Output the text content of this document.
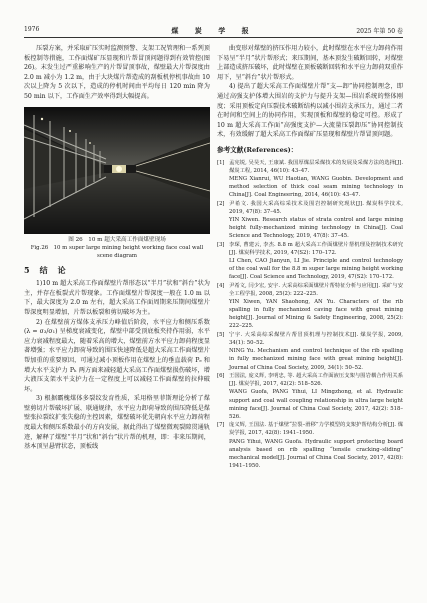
1976	煤 炭 学 报	2025 年第 50 卷

压裂方案，并采取矿压实时监测预警、支架工况管理和一系列顶板控制等措施，工作面煤矿压显现和片帮冒顶问题得到有效管控(图 26)。末发生过严重影响生产的片帮冒顶事故，煤壁最大片帮深度由 2.0 m 减小为 1.2 m，由于大块煤片帮造成的刮板机停机事故由 10 次以上降为 5 次以下，造成的停机时间由平均每日 120 min 降为 50 min 以下，工作面生产效率得到大幅提高。

图 26　10 m 超大采高工作面煤壁现场
Fig.26　10 m super large mining height working face coal wall scene diagram

5　结　论

1)10 m 超大采高工作面煤壁片帮形态以“半月”状和“斜台”状为主，并存在板裂式片帮现象。工作面煤壁片帮深度一般在 1.0 m 以下，最大深度为 2.0 m 左右，超大采高工作面周期来压期间煤壁片帮深度明显增加，片帮以板裂和剪切破坏为主。

2) 在煤壁前方煤体支承压力峰值后阶段，水平应力和侧压系数 (λ = σ₃/σ₁) 呈梯度衰减变化，煤壁中部受顶底板夹持作用弱，水平应力衰减程度最大，随着采高的增大，煤壁前方水平应力卸荷程度显著增强；水平应力卸荷导致的围压快速降低是超大采高工作面煤壁片帮加重的重要原因，可通过减小顶板作用在煤壁上的垂直载荷 Pₑ 和增大水平支护力 Pₕ 两方面来减轻超大采高工作面煤壁损伤破坏，增大液压支架水平支护力在一定程度上可以减轻工作面煤壁的拉伸破坏。

3) 根据霸槐煤体多裂纹发育性质，采用格里菲斯理论分析了煤壁剪切片帮破坏扩展、联通规律，水平应力卸荷导致的围压降低是煤壁张拉裂纹扩张失稳的主控因素，煤壁破坏优先朝向水平应力卸荷程度最大和侧压系数最小的方向发展，据此得出了煤壁微观裂隙贯通轨迹，解释了煤壁“半月”状和“斜台”状片帮的机理，即：非来压期间，基本顶呈悬臂状态，顶板线

曲变形对煤壁的挤压作用力较小，此时煤壁在水平应力卸荷作用下易呈“半月”状片帮形式；来压期间，基本顶发生破断回转，对煤壁上部造成挤压破坏，此时煤壁在顶板破断回转和水平应力卸荷双重作用下，呈“斜台”状片帮形式。

4) 提出了超大采高工作面煤壁片帮“支—卸”协同控制理念，即通过高强支护体增大围岩的支护力与提升支架—围岩系统的整体刚度；采用顶板定向压裂技术破断结构以减小围岩支承压力，通过二者在时间和空间上的协同作用，实现顶板和煤壁的稳定可控。形成了 10 m 超大采高工作面“高强度支护—大流量压裂卸压”协同控制技术，有效缓解了超大采高工作面煤矿压显现和煤壁片帮冒顶问题。

参考文献(References)：

[1] 孟宪锐, 吴昊天, 王康斌. 我国厚煤层采煤技术的发展及采煤方法的选择[J]. 煤炭工程, 2014, 46(10): 43–47.
MENG Xianrui, WU Haotian, WANG Guobin. Development and method selection of thick coal seam mining technology in China[J]. Coal Engineering, 2014, 46(10): 43–47.
[2] 尹希文. 我国大采高综采技术及围岩控制研究现状[J]. 煤炭科学技术, 2019, 47(8): 37–45.
YIN Xiwen. Research status of strata control and large mining height fully-mechanized mining technology in China[J]. Coal Science and Technology, 2019, 47(8): 37–45.
[3] 李琛, 曹建云, 李杰. 8.8 m 超大采高工作面煤壁片帮机理及控制技术研究[J]. 煤炭科学技术, 2019, 47(S2): 170–172.
LI Chen, CAO Jianyun, LI Jie. Principle and control technology of the coal wall for the 8.8 m super large mining height working face[J]. Coal Science and Technology, 2019, 47(S2): 170–172.
[4] 尹希文, 闫少宏, 安宇. 大采高综采面煤壁片帮特征分析与应用[J]. 采矿与安全工程学报, 2008, 25(2): 222–225.
YIN Xiwen, YAN Shaohong, AN Yu. Characters of the rib spalling in fully mechanized caving face with great mining height[J]. Journal of Mining & Safety Engineering, 2008, 25(2): 222–225.
[5] 宁宇. 大采高综采煤壁片帮冒顶机理与控制技术[J]. 煤炭学报, 2009, 34(1): 50–52.
NING Yu. Mechanism and control technique of the rib spalling in fully mechanized mining face with great mining height[J]. Journal of China Coal Society, 2009, 34(1): 50–52.
[6] 王国法, 庞义辉, 李明忠, 等. 超大采高工作面液压支架与围岩耦合作用关系[J]. 煤炭学报, 2017, 42(2): 518–526.
WANG Guofa, PANG Yihui, LI Mingzhong, et al. Hydraulic support and coal wall coupling relationship in ultra large height mining face[J]. Journal of China Coal Society, 2017, 42(2): 518–526.
[7] 庞义辉, 王国法. 基于煤壁“拉裂–滑移”力学模型的支架护帮结构分析[J]. 煤炭学报, 2017, 42(8): 1941–1950.
PANG Yihui, WANG Guofa. Hydraulic support protecting board analysis based on rib spalling “tensile cracking–sliding” mechanical model[J]. Journal of China Coal Society, 2017, 42(8): 1941–1950.
